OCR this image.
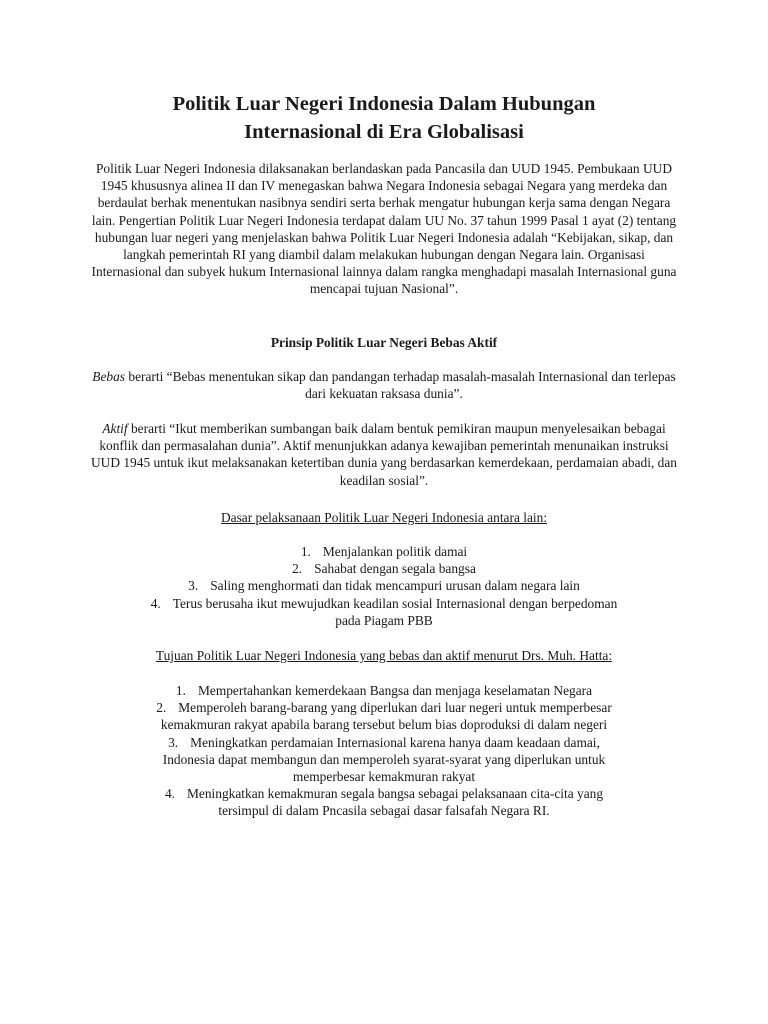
Politik Luar Negeri Indonesia Dalam Hubungan
Internasional di Era Globalisasi

Politik Luar Negeri Indonesia dilaksanakan berlandaskan pada Pancasila dan UUD 1945. Pembukaan UUD 1945 khususnya alinea II dan IV menegaskan bahwa Negara Indonesia sebagai Negara yang merdeka dan berdaulat berhak menentukan nasibnya sendiri serta berhak mengatur hubungan kerja sama dengan Negara lain. Pengertian Politik Luar Negeri Indonesia terdapat dalam UU No. 37 tahun 1999 Pasal 1 ayat (2) tentang hubungan luar negeri yang menjelaskan bahwa Politik Luar Negeri Indonesia adalah “Kebijakan, sikap, dan langkah pemerintah RI yang diambil dalam melakukan hubungan dengan Negara lain. Organisasi Internasional dan subyek hukum Internasional lainnya dalam rangka menghadapi masalah Internasional guna mencapai tujuan Nasional”.

Prinsip Politik Luar Negeri Bebas Aktif

Bebas berarti “Bebas menentukan sikap dan pandangan terhadap masalah-masalah Internasional dan terlepas dari kekuatan raksasa dunia”.

Aktif berarti “Ikut memberikan sumbangan baik dalam bentuk pemikiran maupun menyelesaikan bebagai konflik dan permasalahan dunia”. Aktif menunjukkan adanya kewajiban pemerintah menunaikan instruksi UUD 1945 untuk ikut melaksanakan ketertiban dunia yang berdasarkan kemerdekaan, perdamaian abadi, dan keadilan sosial”.

Dasar pelaksanaan Politik Luar Negeri Indonesia antara lain:

1. Menjalankan politik damai
2. Sahabat dengan segala bangsa
3. Saling menghormati dan tidak mencampuri urusan dalam negara lain
4. Terus berusaha ikut mewujudkan keadilan sosial Internasional dengan berpedoman pada Piagam PBB

Tujuan Politik Luar Negeri Indonesia yang bebas dan aktif menurut Drs. Muh. Hatta:

1. Mempertahankan kemerdekaan Bangsa dan menjaga keselamatan Negara
2. Memperoleh barang-barang yang diperlukan dari luar negeri untuk memperbesar kemakmuran rakyat apabila barang tersebut belum bias doproduksi di dalam negeri
3. Meningkatkan perdamaian Internasional karena hanya daam keadaan damai, Indonesia dapat membangun dan memperoleh syarat-syarat yang diperlukan untuk memperbesar kemakmuran rakyat
4. Meningkatkan kemakmuran segala bangsa sebagai pelaksanaan cita-cita yang tersimpul di dalam Pncasila sebagai dasar falsafah Negara RI.
